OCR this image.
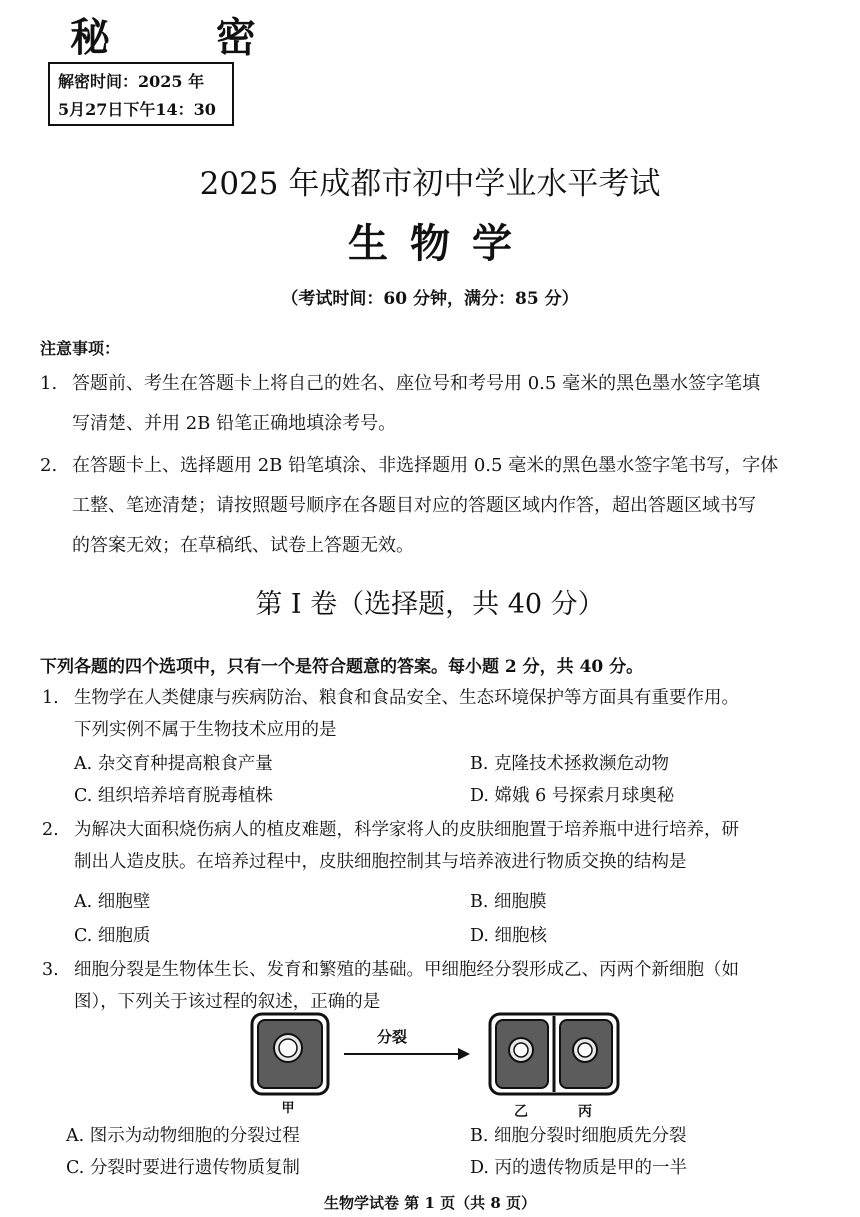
秘 密
解密时间：2025 年
5月27日下午14：30
2025 年成都市初中学业水平考试
生物学
（考试时间：60 分钟，满分：85 分）
注意事项：
1. 答题前、考生在答题卡上将自己的姓名、座位号和考号用 0.5 毫米的黑色墨水签字笔填
写清楚、并用 2B 铅笔正确地填涂考号。
2. 在答题卡上、选择题用 2B 铅笔填涂、非选择题用 0.5 毫米的黑色墨水签字笔书写，字体
工整、笔迹清楚；请按照题号顺序在各题目对应的答题区域内作答，超出答题区域书写
的答案无效；在草稿纸、试卷上答题无效。
第 I 卷（选择题，共 40 分）
下列各题的四个选项中，只有一个是符合题意的答案。每小题 2 分，共 40 分。
1. 生物学在人类健康与疾病防治、粮食和食品安全、生态环境保护等方面具有重要作用。
下列实例不属于生物技术应用的是
A. 杂交育种提高粮食产量	B. 克隆技术拯救濒危动物
C. 组织培养培育脱毒植株	D. 嫦娥 6 号探索月球奥秘
2. 为解决大面积烧伤病人的植皮难题，科学家将人的皮肤细胞置于培养瓶中进行培养，研
制出人造皮肤。在培养过程中，皮肤细胞控制其与培养液进行物质交换的结构是
A. 细胞壁	B. 细胞膜
C. 细胞质	D. 细胞核
3. 细胞分裂是生物体生长、发育和繁殖的基础。甲细胞经分裂形成乙、丙两个新细胞（如
图），下列关于该过程的叙述，正确的是
分裂
甲	乙	丙
A. 图示为动物细胞的分裂过程	B. 细胞分裂时细胞质先分裂
C. 分裂时要进行遗传物质复制	D. 丙的遗传物质是甲的一半
生物学试卷 第 1 页（共 8 页）
